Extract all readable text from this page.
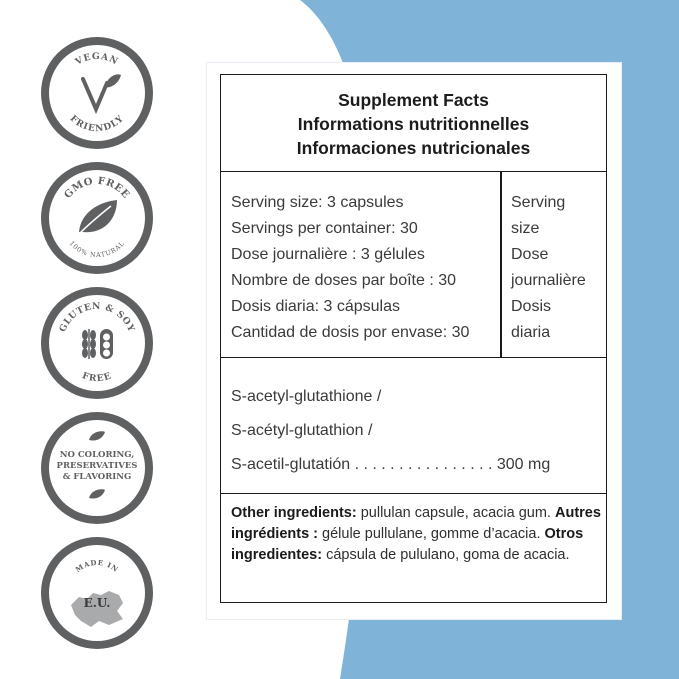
VEGAN
FRIENDLY
GMO FREE
100% NATURAL
GLUTEN & SOY
FREE
NO COLORING,
PRESERVATIVES
& FLAVORING
MADE IN
E.U.
Supplement Facts
Informations nutritionnelles
Informaciones nutricionales
Serving size: 3 capsules
Servings per container: 30
Dose journalière : 3 gélules
Nombre de doses par boîte : 30
Dosis diaria: 3 cápsulas
Cantidad de dosis por envase: 30
Serving
size
Dose
journalière
Dosis
diaria
S-acetyl-glutathione /
S-acétyl-glutathion /
S-acetil-glutatión . . . . . . . . . . . . . . . . 300 mg
Other ingredients: pullulan capsule, acacia gum. Autres ingrédients : gélule pullulane, gomme d’acacia. Otros ingredientes: cápsula de pululano, goma de acacia.
